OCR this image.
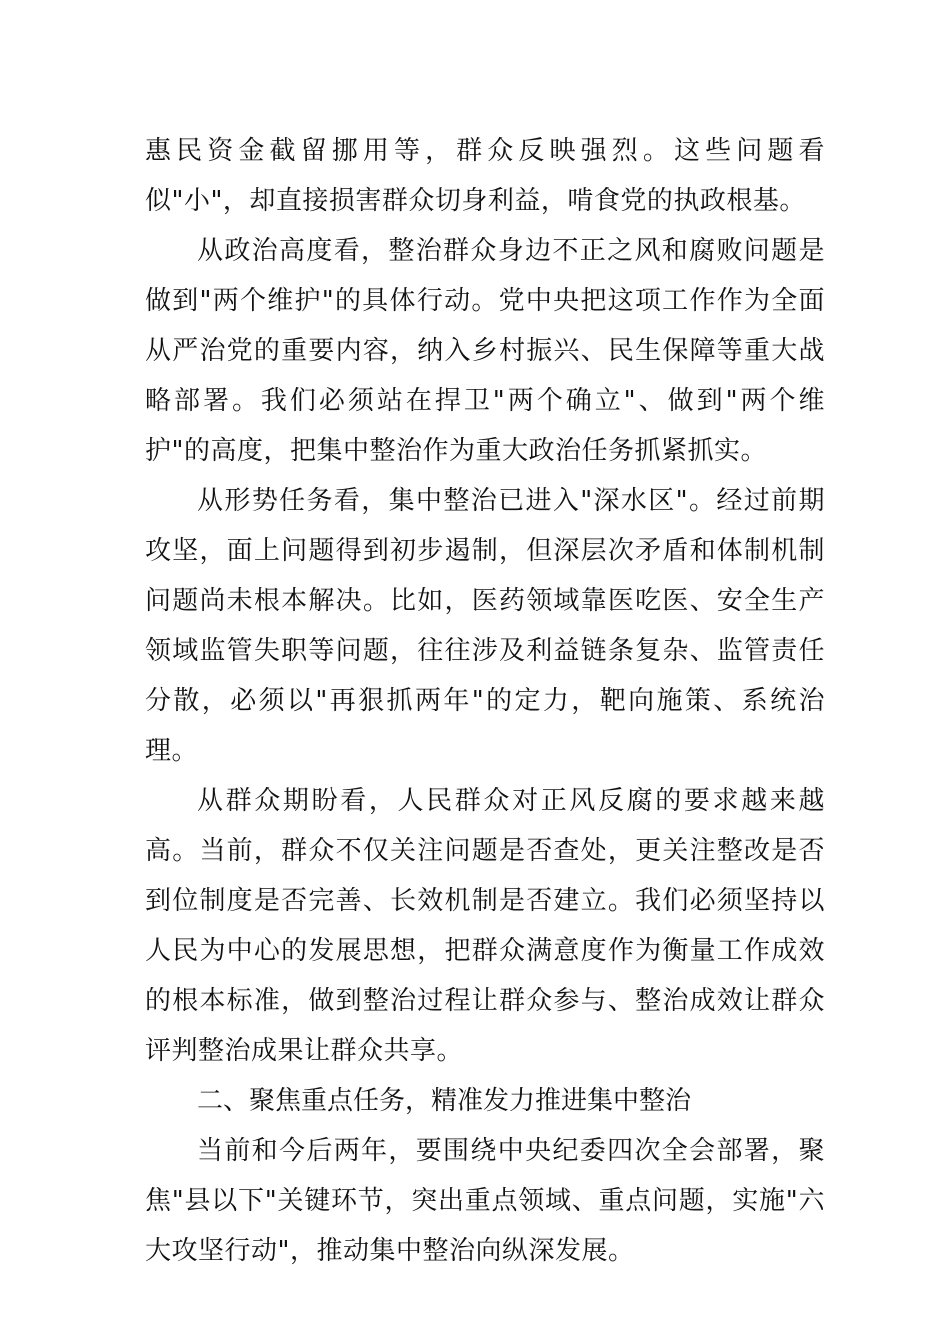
惠民资金截留挪用等，群众反映强烈。这些问题看似"小"，却直接损害群众切身利益，啃食党的执政根基。

从政治高度看，整治群众身边不正之风和腐败问题是做到"两个维护"的具体行动。党中央把这项工作作为全面从严治党的重要内容，纳入乡村振兴、民生保障等重大战略部署。我们必须站在捍卫"两个确立"、做到"两个维护"的高度，把集中整治作为重大政治任务抓紧抓实。

从形势任务看，集中整治已进入"深水区"。经过前期攻坚，面上问题得到初步遏制，但深层次矛盾和体制机制问题尚未根本解决。比如，医药领域靠医吃医、安全生产领域监管失职等问题，往往涉及利益链条复杂、监管责任分散，必须以"再狠抓两年"的定力，靶向施策、系统治理。

从群众期盼看，人民群众对正风反腐的要求越来越高。当前，群众不仅关注问题是否查处，更关注整改是否到位制度是否完善、长效机制是否建立。我们必须坚持以人民为中心的发展思想，把群众满意度作为衡量工作成效的根本标准，做到整治过程让群众参与、整治成效让群众评判整治成果让群众共享。

二、聚焦重点任务，精准发力推进集中整治

当前和今后两年，要围绕中央纪委四次全会部署，聚焦"县以下"关键环节，突出重点领域、重点问题，实施"六大攻坚行动"，推动集中整治向纵深发展。
